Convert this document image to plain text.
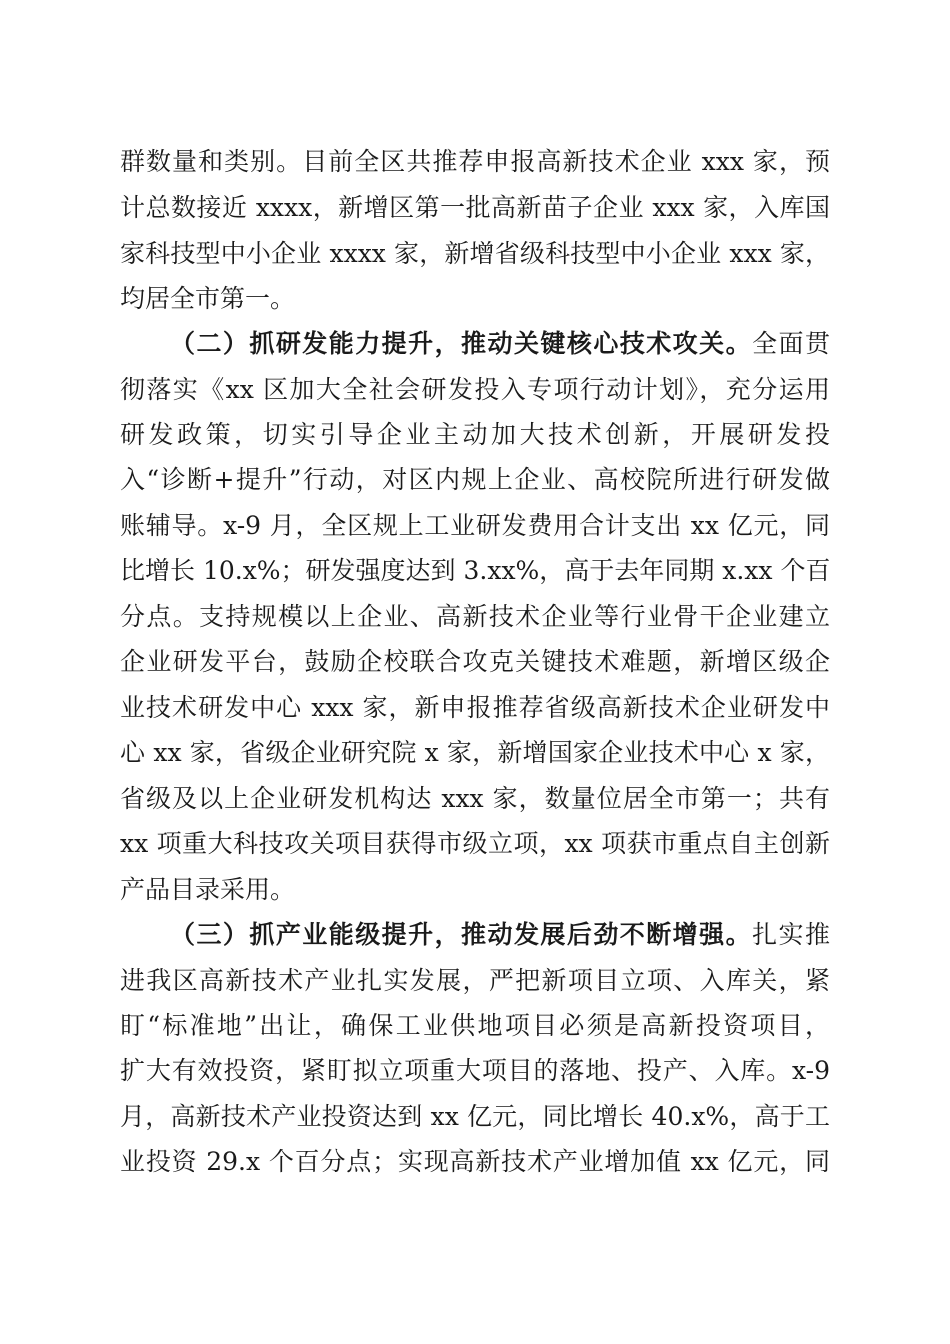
群数量和类别。目前全区共推荐申报高新技术企业 xxx 家，预

计总数接近 xxxx，新增区第一批高新苗子企业 xxx 家，入库国

家科技型中小企业 xxxx 家，新增省级科技型中小企业 xxx 家，

均居全市第一。

（二）抓研发能力提升，推动关键核心技术攻关。全面贯

彻落实《xx 区加大全社会研发投入专项行动计划》，充分运用

研发政策，切实引导企业主动加大技术创新，开展研发投

入“诊断+提升”行动，对区内规上企业、高校院所进行研发做

账辅导。x-9 月，全区规上工业研发费用合计支出 xx 亿元，同

比增长 10.x%；研发强度达到 3.xx%，高于去年同期 x.xx 个百

分点。支持规模以上企业、高新技术企业等行业骨干企业建立

企业研发平台，鼓励企校联合攻克关键技术难题，新增区级企

业技术研发中心 xxx 家，新申报推荐省级高新技术企业研发中

心 xx 家，省级企业研究院 x 家，新增国家企业技术中心 x 家，

省级及以上企业研发机构达 xxx 家，数量位居全市第一；共有

xx 项重大科技攻关项目获得市级立项，xx 项获市重点自主创新

产品目录采用。

（三）抓产业能级提升，推动发展后劲不断增强。扎实推

进我区高新技术产业扎实发展，严把新项目立项、入库关，紧

盯“标准地”出让，确保工业供地项目必须是高新投资项目，

扩大有效投资，紧盯拟立项重大项目的落地、投产、入库。x-9

月，高新技术产业投资达到 xx 亿元，同比增长 40.x%，高于工

业投资 29.x 个百分点；实现高新技术产业增加值 xx 亿元，同
